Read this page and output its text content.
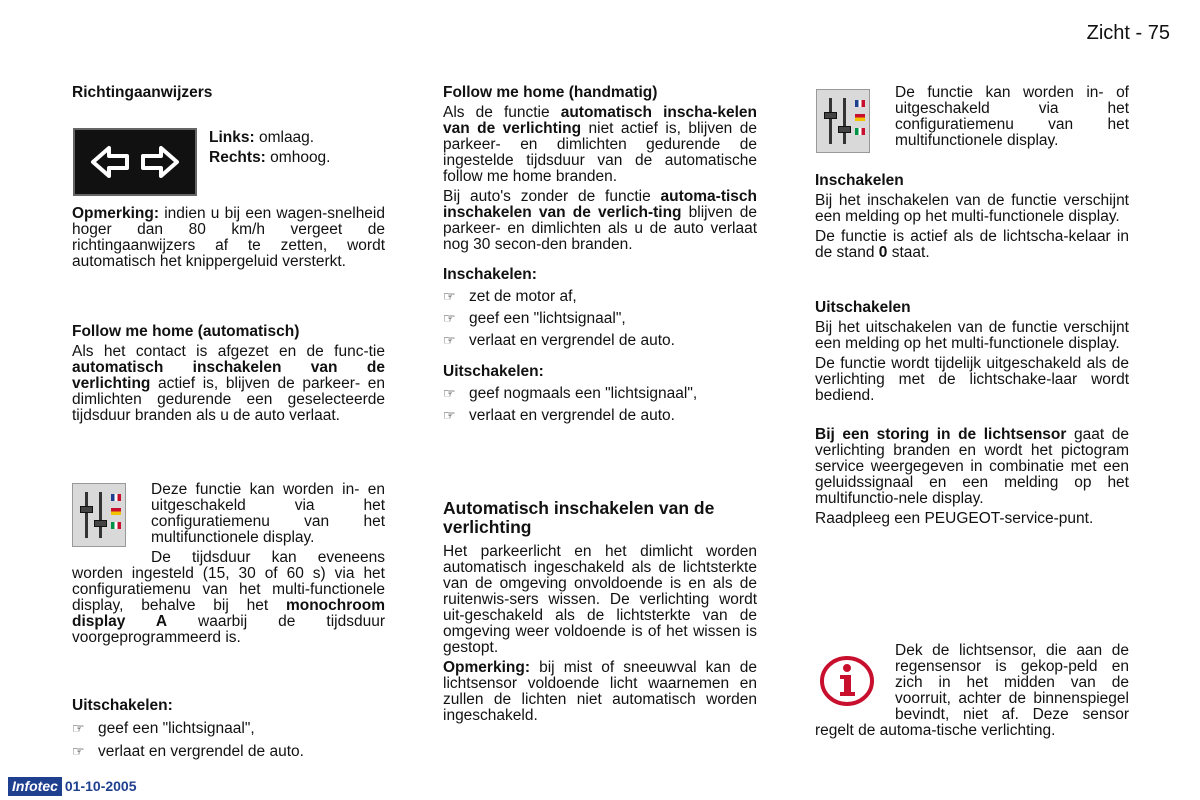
Zicht - 75
Richtingaanwijzers

Links: omlaag.

Rechts: omhoog.

Opmerking: indien u bij een wagen-snelheid hoger dan 80 km/h vergeet de richtingaanwijzers af te zetten, wordt automatisch het knippergeluid versterkt.

Follow me home (automatisch)

Als het contact is afgezet en de func-tie automatisch inschakelen van de verlichting actief is, blijven de parkeer- en dimlichten gedurende een geselecteerde tijdsduur branden als u de auto verlaat.

Deze functie kan worden in- en uitgeschakeld via het configuratiemenu van het multifunctionele display.

De tijdsduur kan eveneens worden ingesteld (15, 30 of 60 s) via het configuratiemenu van het multi-functionele display, behalve bij het monochroom display A waarbij de tijdsduur voorgeprogrammeerd is.

Uitschakelen:
☞ geef een "lichtsignaal",
☞ verlaat en vergrendel de auto.
Follow me home (handmatig)

Als de functie automatisch inscha-kelen van de verlichting niet actief is, blijven de parkeer- en dimlichten gedurende de ingestelde tijdsduur van de automatische follow me home branden.

Bij auto's zonder de functie automa-tisch inschakelen van de verlich-ting blijven de parkeer- en dimlichten als u de auto verlaat nog 30 secon-den branden.

Inschakelen:
☞ zet de motor af,
☞ geef een "lichtsignaal",
☞ verlaat en vergrendel de auto.
Uitschakelen:
☞ geef nogmaals een "lichtsignaal",
☞ verlaat en vergrendel de auto.
Automatisch inschakelen van de verlichting

Het parkeerlicht en het dimlicht worden automatisch ingeschakeld als de lichtsterkte van de omgeving onvoldoende is en als de ruitenwis-sers wissen. De verlichting wordt uit-geschakeld als de lichtsterkte van de omgeving weer voldoende is of het wissen is gestopt.

Opmerking: bij mist of sneeuwval kan de lichtsensor voldoende licht waarnemen en zullen de lichten niet automatisch worden ingeschakeld.

De functie kan worden in- of uitgeschakeld via het configuratiemenu van het multifunctionele display.

Inschakelen

Bij het inschakelen van de functie verschijnt een melding op het multi-functionele display.

De functie is actief als de lichtscha-kelaar in de stand 0 staat.

Uitschakelen

Bij het uitschakelen van de functie verschijnt een melding op het multi-functionele display.

De functie wordt tijdelijk uitgeschakeld als de verlichting met de lichtschake-laar wordt bediend.

Bij een storing in de lichtsensor gaat de verlichting branden en wordt het pictogram service weergegeven in combinatie met een geluidssignaal en een melding op het multifunctio-nele display.

Raadpleeg een PEUGEOT-service-punt.

Dek de lichtsensor, die aan de regensensor is gekop-peld en zich in het midden van de voorruit, achter de binnenspiegel bevindt, niet af. Deze sensor regelt de automa-tische verlichting.

Infotec 01-10-2005
